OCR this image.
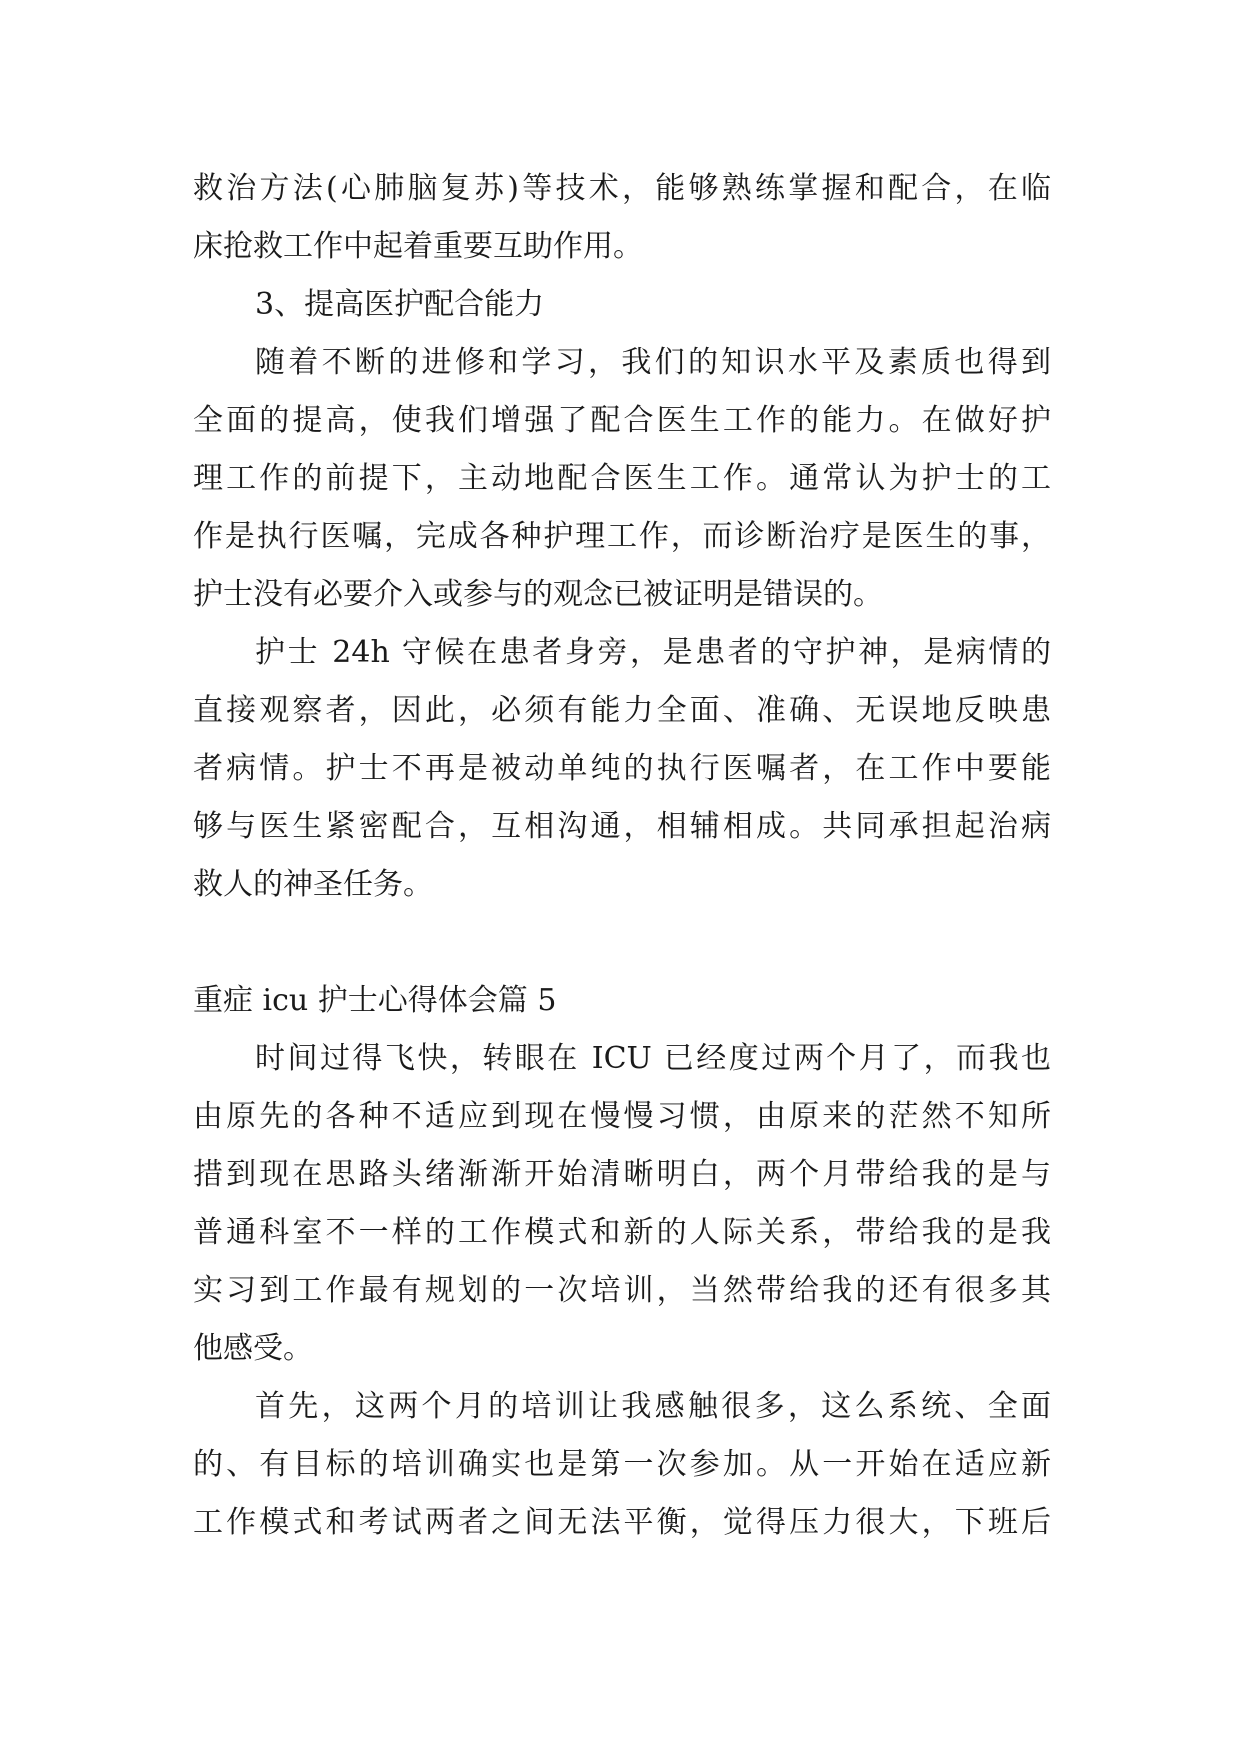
救治方法(心肺脑复苏)等技术，能够熟练掌握和配合，在临
床抢救工作中起着重要互助作用。
3、提高医护配合能力
随着不断的进修和学习，我们的知识水平及素质也得到
全面的提高，使我们增强了配合医生工作的能力。在做好护
理工作的前提下，主动地配合医生工作。通常认为护士的工
作是执行医嘱，完成各种护理工作，而诊断治疗是医生的事，
护士没有必要介入或参与的观念已被证明是错误的。
护士 24h 守候在患者身旁，是患者的守护神，是病情的
直接观察者，因此，必须有能力全面、准确、无误地反映患
者病情。护士不再是被动单纯的执行医嘱者，在工作中要能
够与医生紧密配合，互相沟通，相辅相成。共同承担起治病
救人的神圣任务。
重症 icu 护士心得体会篇 5
时间过得飞快，转眼在 ICU 已经度过两个月了，而我也
由原先的各种不适应到现在慢慢习惯，由原来的茫然不知所
措到现在思路头绪渐渐开始清晰明白，两个月带给我的是与
普通科室不一样的工作模式和新的人际关系，带给我的是我
实习到工作最有规划的一次培训，当然带给我的还有很多其
他感受。
首先，这两个月的培训让我感触很多，这么系统、全面
的、有目标的培训确实也是第一次参加。从一开始在适应新
工作模式和考试两者之间无法平衡，觉得压力很大，下班后
